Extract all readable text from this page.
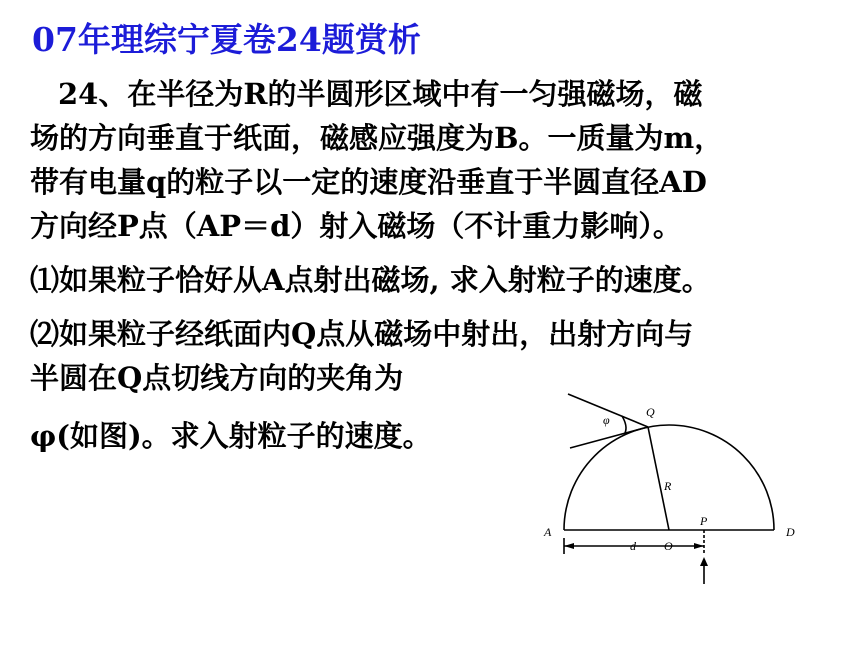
07年理综宁夏卷24题赏析
24、在半径为R的半圆形区域中有一匀强磁场，磁
场的方向垂直于纸面，磁感应强度为B。一质量为m，
带有电量q的粒子以一定的速度沿垂直于半圆直径AD
方向经P点（AP＝d）射入磁场（不计重力影响）。
⑴如果粒子恰好从A点射出磁场, 求入射粒子的速度。
⑵如果粒子经纸面内Q点从磁场中射出，出射方向与
半圆在Q点切线方向的夹角为
φ(如图)。求入射粒子的速度。
A	D
O
P
Q
R
d
φ
